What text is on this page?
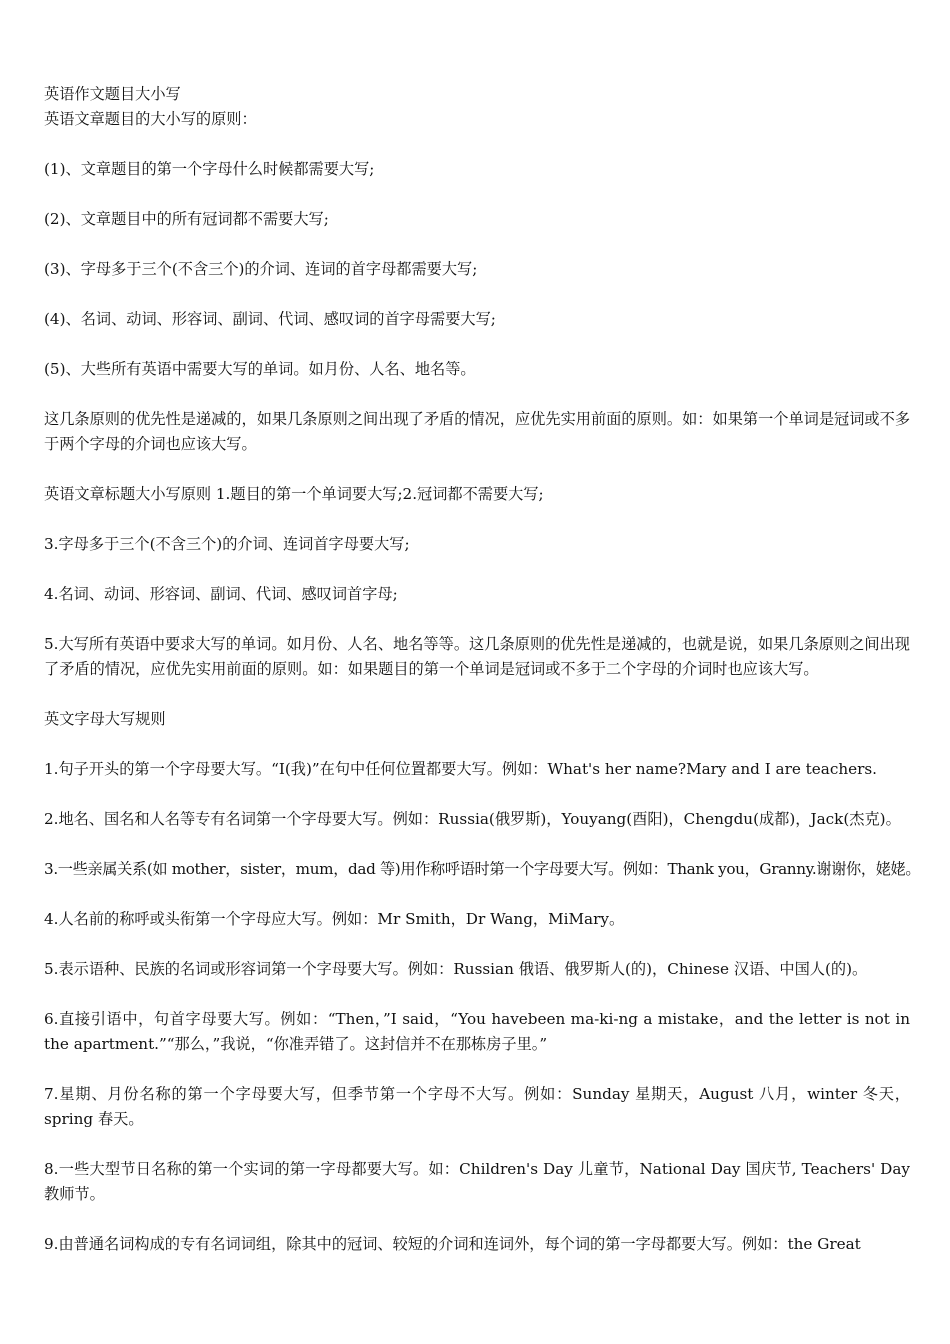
英语作文题目大小写

英语文章题目的大小写的原则：

(1)、文章题目的第一个字母什么时候都需要大写;

(2)、文章题目中的所有冠词都不需要大写;

(3)、字母多于三个(不含三个)的介词、连词的首字母都需要大写;

(4)、名词、动词、形容词、副词、代词、感叹词的首字母需要大写;

(5)、大些所有英语中需要大写的单词。如月份、人名、地名等。

这几条原则的优先性是递减的，如果几条原则之间出现了矛盾的情况，应优先实用前面的原则。如：如果第一个单词是冠词或不多于两个字母的介词也应该大写。

英语文章标题大小写原则 1.题目的第一个单词要大写;2.冠词都不需要大写;

3.字母多于三个(不含三个)的介词、连词首字母要大写;

4.名词、动词、形容词、副词、代词、感叹词首字母;

5.大写所有英语中要求大写的单词。如月份、人名、地名等等。这几条原则的优先性是递减的，也就是说，如果几条原则之间出现了矛盾的情况，应优先实用前面的原则。如：如果题目的第一个单词是冠词或不多于二个字母的介词时也应该大写。

英文字母大写规则

1.句子开头的第一个字母要大写。“I(我)”在句中任何位置都要大写。例如：What's her name?Mary and I are teachers.

2.地名、国名和人名等专有名词第一个字母要大写。例如：Russia(俄罗斯)，Youyang(酉阳)，Chengdu(成都)，Jack(杰克)。

3.一些亲属关系(如 mother，sister，mum，dad 等)用作称呼语时第一个字母要大写。例如：Thank you，Granny.谢谢你，姥姥。

4.人名前的称呼或头衔第一个字母应大写。例如：Mr Smith，Dr Wang，MiMary。

5.表示语种、民族的名词或形容词第一个字母要大写。例如：Russian 俄语、俄罗斯人(的)，Chinese 汉语、中国人(的)。

6.直接引语中，句首字母要大写。例如：“Then，”I said，“You havebeen ma-ki-ng a mistake，and the letter is not in the apartment.”“那么，”我说，“你准弄错了。这封信并不在那栋房子里。”

7.星期、月份名称的第一个字母要大写，但季节第一个字母不大写。例如：Sunday 星期天，August 八月，winter 冬天，spring 春天。

8.一些大型节日名称的第一个实词的第一字母都要大写。如：Children's Day 儿童节，National Day 国庆节, Teachers' Day 教师节。

9.由普通名词构成的专有名词词组，除其中的冠词、较短的介词和连词外，每个词的第一字母都要大写。例如：the Great
